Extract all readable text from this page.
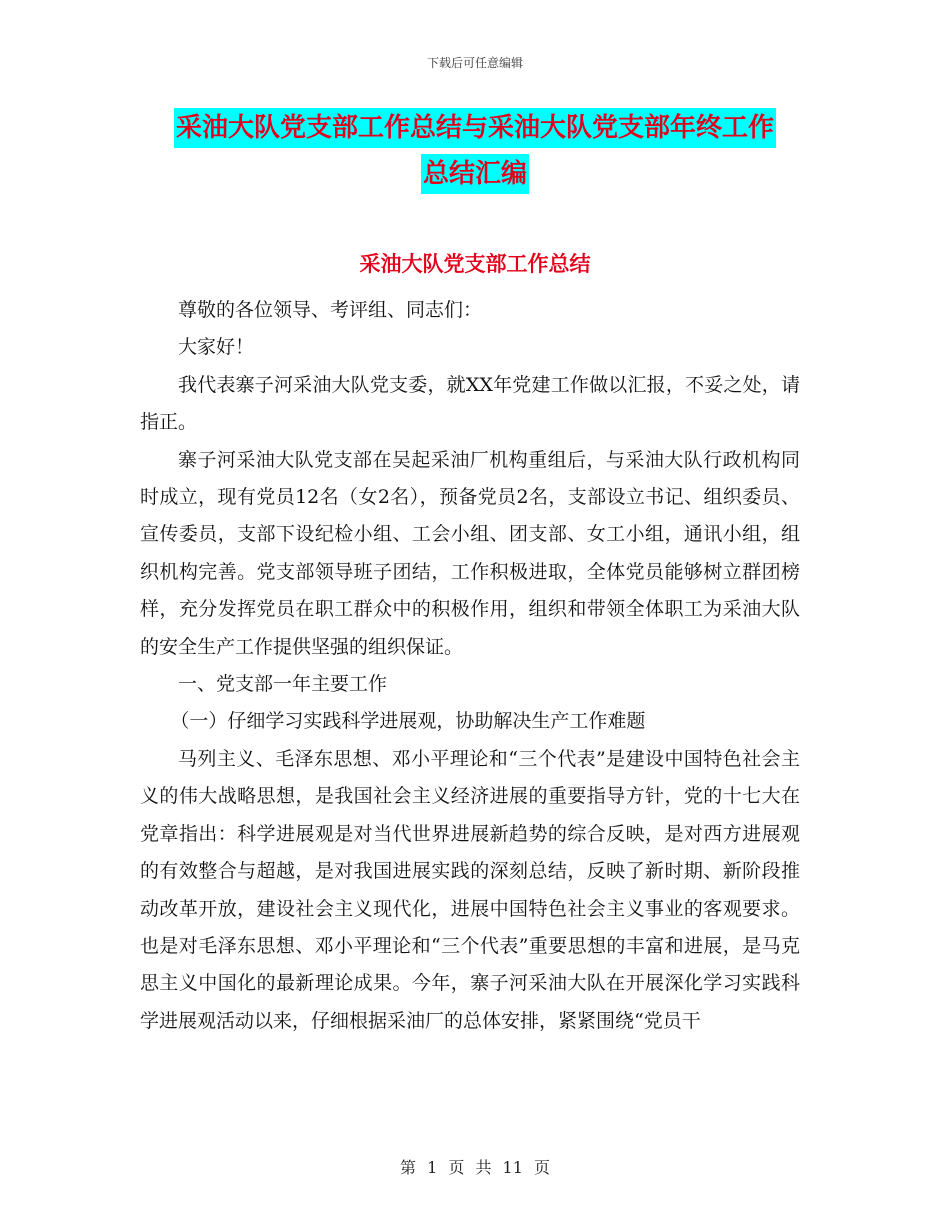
下载后可任意编辑
采油大队党支部工作总结与采油大队党支部年终工作
总结汇编
采油大队党支部工作总结

尊敬的各位领导、考评组、同志们：

大家好！

我代表寨子河采油大队党支委，就XX年党建工作做以汇报，不妥之处，请指正。

寨子河采油大队党支部在吴起采油厂机构重组后，与采油大队行政机构同时成立，现有党员12名（女2名），预备党员2名，支部设立书记、组织委员、宣传委员，支部下设纪检小组、工会小组、团支部、女工小组，通讯小组，组织机构完善。党支部领导班子团结，工作积极进取，全体党员能够树立群团榜样，充分发挥党员在职工群众中的积极作用，组织和带领全体职工为采油大队的安全生产工作提供坚强的组织保证。

一、党支部一年主要工作

（一）仔细学习实践科学进展观，协助解决生产工作难题

马列主义、毛泽东思想、邓小平理论和“三个代表”是建设中国特色社会主义的伟大战略思想，是我国社会主义经济进展的重要指导方针，党的十七大在党章指出：科学进展观是对当代世界进展新趋势的综合反映，是对西方进展观的有效整合与超越，是对我国进展实践的深刻总结，反映了新时期、新阶段推动改革开放，建设社会主义现代化，进展中国特色社会主义事业的客观要求。也是对毛泽东思想、邓小平理论和“三个代表”重要思想的丰富和进展，是马克思主义中国化的最新理论成果。今年，寨子河采油大队在开展深化学习实践科学进展观活动以来，仔细根据采油厂的总体安排，紧紧围绕“党员干

第 1 页 共 11 页
